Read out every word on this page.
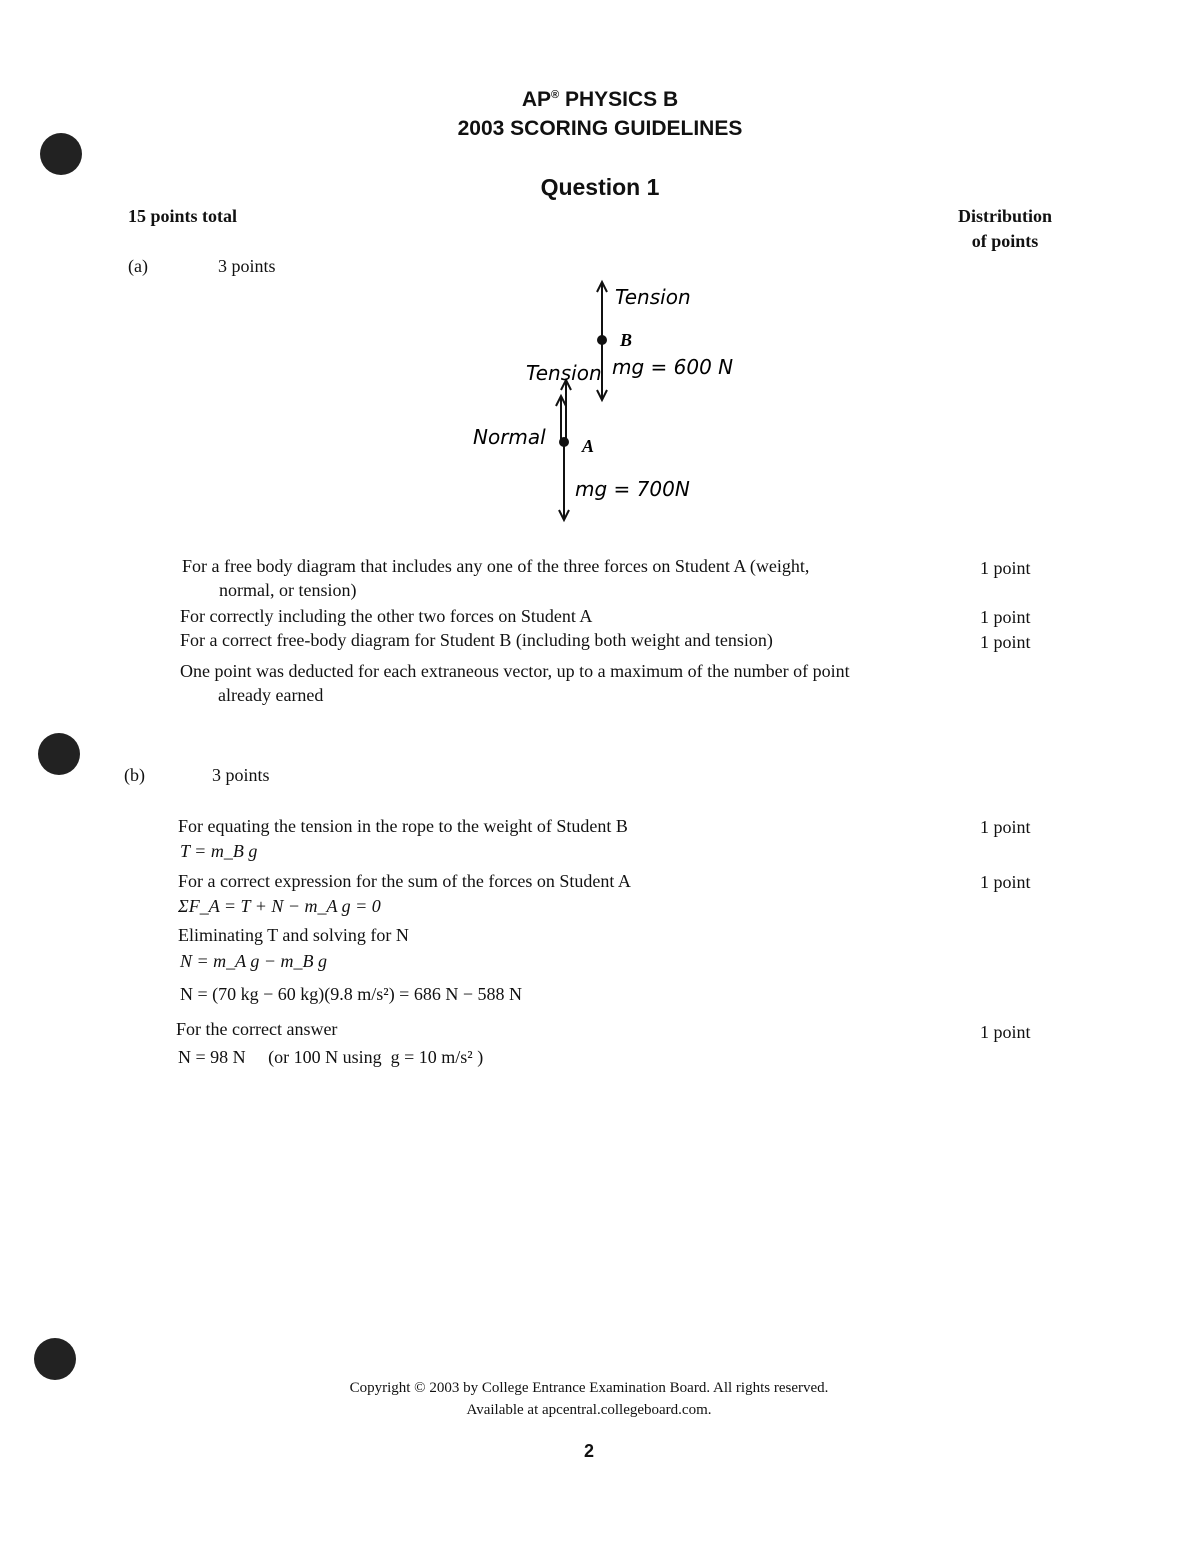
AP® PHYSICS B
2003 SCORING GUIDELINES
Question 1
15 points total	Distribution
of points
(a)	3 points
Tension
B
Tension mg = 600 N
Normal A
mg = 700N
For a free body diagram that includes any one of the three forces on Student A (weight,
normal, or tension)
1 point
For correctly including the other two forces on Student A	1 point
For a correct free-body diagram for Student B (including both weight and tension)	1 point
One point was deducted for each extraneous vector, up to a maximum of the number of point
already earned
(b)	3 points
For equating the tension in the rope to the weight of Student B	1 point
T = m_B g
For a correct expression for the sum of the forces on Student A	1 point
ΣF_A = T + N − m_A g = 0
Eliminating T and solving for N
N = m_A g − m_B g
N = (70 kg − 60 kg)(9.8 m/s²) = 686 N − 588 N
For the correct answer	1 point
N = 98 N     (or 100 N using  g = 10 m/s² )
Copyright © 2003 by College Entrance Examination Board. All rights reserved.
Available at apcentral.collegeboard.com.
2
